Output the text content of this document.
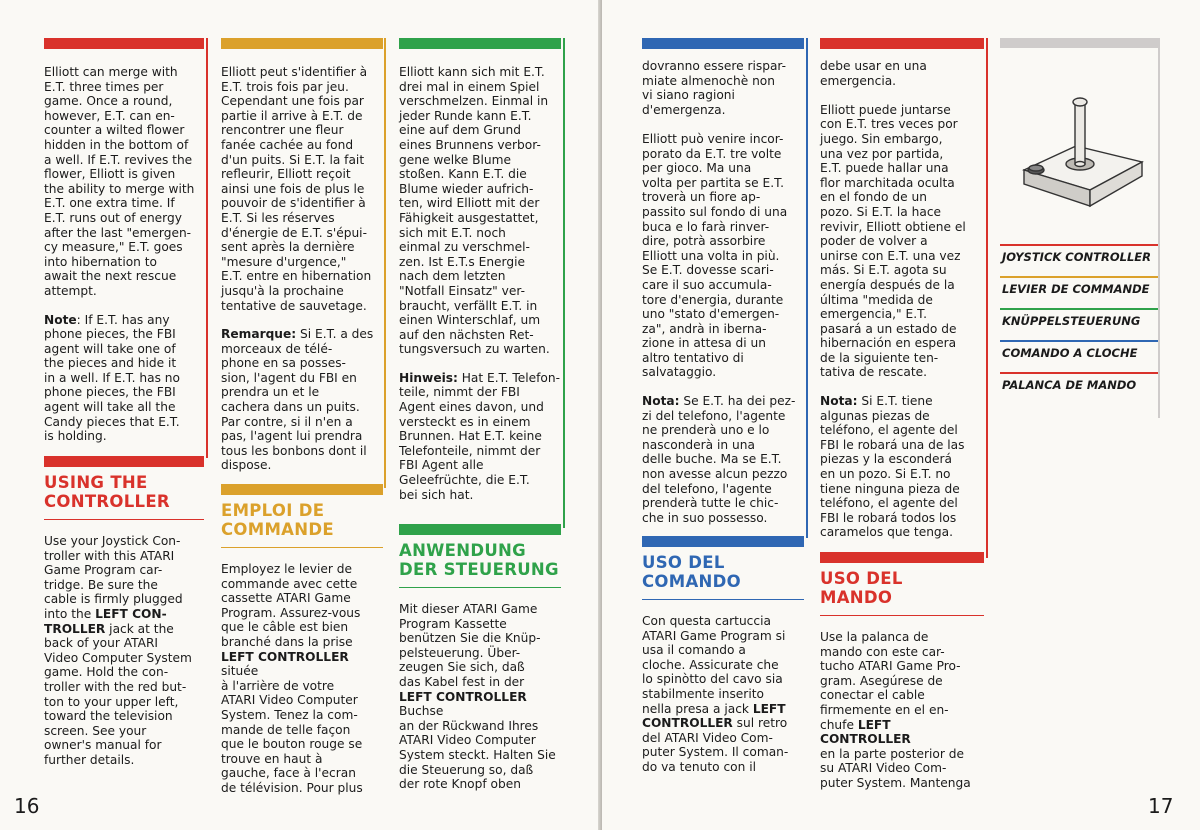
Elliott can merge with
E.T. three times per
game. Once a round,
however, E.T. can en-
counter a wilted flower
hidden in the bottom of
a well. If E.T. revives the
flower, Elliott is given
the ability to merge with
E.T. one extra time. If
E.T. runs out of energy
after the last "emergen-
cy measure," E.T. goes
into hibernation to
await the next rescue
attempt.

Note: If E.T. has any
phone pieces, the FBI
agent will take one of
the pieces and hide it
in a well. If E.T. has no
phone pieces, the FBI
agent will take all the
Candy pieces that E.T.
is holding.

USING THE
CONTROLLER

Use your Joystick Con-
troller with this ATARI
Game Program car-
tridge. Be sure the
cable is firmly plugged
into the LEFT CON-
TROLLER jack at the
back of your ATARI
Video Computer System
game. Hold the con-
troller with the red but-
ton to your upper left,
toward the television
screen. See your
owner's manual for
further details.

Elliott peut s'identifier à
E.T. trois fois par jeu.
Cependant une fois par
partie il arrive à E.T. de
rencontrer une fleur
fanée cachée au fond
d'un puits. Si E.T. la fait
refleurir, Elliott reçoit
ainsi une fois de plus le
pouvoir de s'identifier à
E.T. Si les réserves
d'énergie de E.T. s'épui-
sent après la dernière
"mesure d'urgence,"
E.T. entre en hibernation
jusqu'à la prochaine
tentative de sauvetage.

Remarque: Si E.T. a des
morceaux de télé-
phone en sa posses-
sion, l'agent du FBI en
prendra un et le
cachera dans un puits.
Par contre, si il n'en a
pas, l'agent lui prendra
tous les bonbons dont il
dispose.

EMPLOI DE
COMMANDE

Employez le levier de
commande avec cette
cassette ATARI Game
Program. Assurez-vous
que le câble est bien
branché dans la prise
LEFT CONTROLLER située
à l'arrière de votre
ATARI Video Computer
System. Tenez la com-
mande de telle façon
que le bouton rouge se
trouve en haut à
gauche, face à l'ecran
de télévision. Pour plus

Elliott kann sich mit E.T.
drei mal in einem Spiel
verschmelzen. Einmal in
jeder Runde kann E.T.
eine auf dem Grund
eines Brunnens verbor-
gene welke Blume
stoßen. Kann E.T. die
Blume wieder aufrich-
ten, wird Elliott mit der
Fähigkeit ausgestattet,
sich mit E.T. noch
einmal zu verschmel-
zen. Ist E.T.s Energie
nach dem letzten
"Notfall Einsatz" ver-
braucht, verfällt E.T. in
einen Winterschlaf, um
auf den nächsten Ret-
tungsversuch zu warten.

Hinweis: Hat E.T. Telefon-
teile, nimmt der FBI
Agent eines davon, und
versteckt es in einem
Brunnen. Hat E.T. keine
Telefonteile, nimmt der
FBI Agent alle
Geleefrüchte, die E.T.
bei sich hat.

ANWENDUNG
DER STEUERUNG

Mit dieser ATARI Game
Program Kassette
benützen Sie die Knüp-
pelsteuerung. Über-
zeugen Sie sich, daß
das Kabel fest in der
LEFT CONTROLLER Buchse
an der Rückwand Ihres
ATARI Video Computer
System steckt. Halten Sie
die Steuerung so, daß
der rote Knopf oben

16

dovranno essere rispar-
miate almenochè non
vi siano ragioni
d'emergenza.

Elliott può venire incor-
porato da E.T. tre volte
per gioco. Ma una
volta per partita se E.T.
troverà un fiore ap-
passito sul fondo di una
buca e lo farà rinver-
dire, potrà assorbire
Elliott una volta in più.
Se E.T. dovesse scari-
care il suo accumula-
tore d'energia, durante
uno "stato d'emergen-
za", andrà in iberna-
zione in attesa di un
altro tentativo di
salvataggio.

Nota: Se E.T. ha dei pez-
zi del telefono, l'agente
ne prenderà uno e lo
nasconderà in una
delle buche. Ma se E.T.
non avesse alcun pezzo
del telefono, l'agente
prenderà tutte le chic-
che in suo possesso.

USO DEL
COMANDO

Con questa cartuccia
ATARI Game Program si
usa il comando a
cloche. Assicurate che
lo spinòtto del cavo sia
stabilmente inserito
nella presa a jack LEFT
CONTROLLER sul retro
del ATARI Video Com-
puter System. Il coman-
do va tenuto con il

debe usar en una
emergencia.

Elliott puede juntarse
con E.T. tres veces por
juego. Sin embargo,
una vez por partida,
E.T. puede hallar una
flor marchitada oculta
en el fondo de un
pozo. Si E.T. la hace
revivir, Elliott obtiene el
poder de volver a
unirse con E.T. una vez
más. Si E.T. agota su
energía después de la
última "medida de
emergencia," E.T.
pasará a un estado de
hibernación en espera
de la siguiente ten-
tativa de rescate.

Nota: Si E.T. tiene
algunas piezas de
teléfono, el agente del
FBI le robará una de las
piezas y la esconderá
en un pozo. Si E.T. no
tiene ninguna pieza de
teléfono, el agente del
FBI le robará todos los
caramelos que tenga.

USO DEL
MANDO

Use la palanca de
mando con este car-
tucho ATARI Game Pro-
gram. Asegúrese de
conectar el cable
firmemente en el en-
chufe LEFT CONTROLLER
en la parte posterior de
su ATARI Video Com-
puter System. Mantenga

JOYSTICK CONTROLLER
LEVIER DE COMMANDE
KNÜPPELSTEUERUNG
COMANDO A CLOCHE
PALANCA DE MANDO
17
